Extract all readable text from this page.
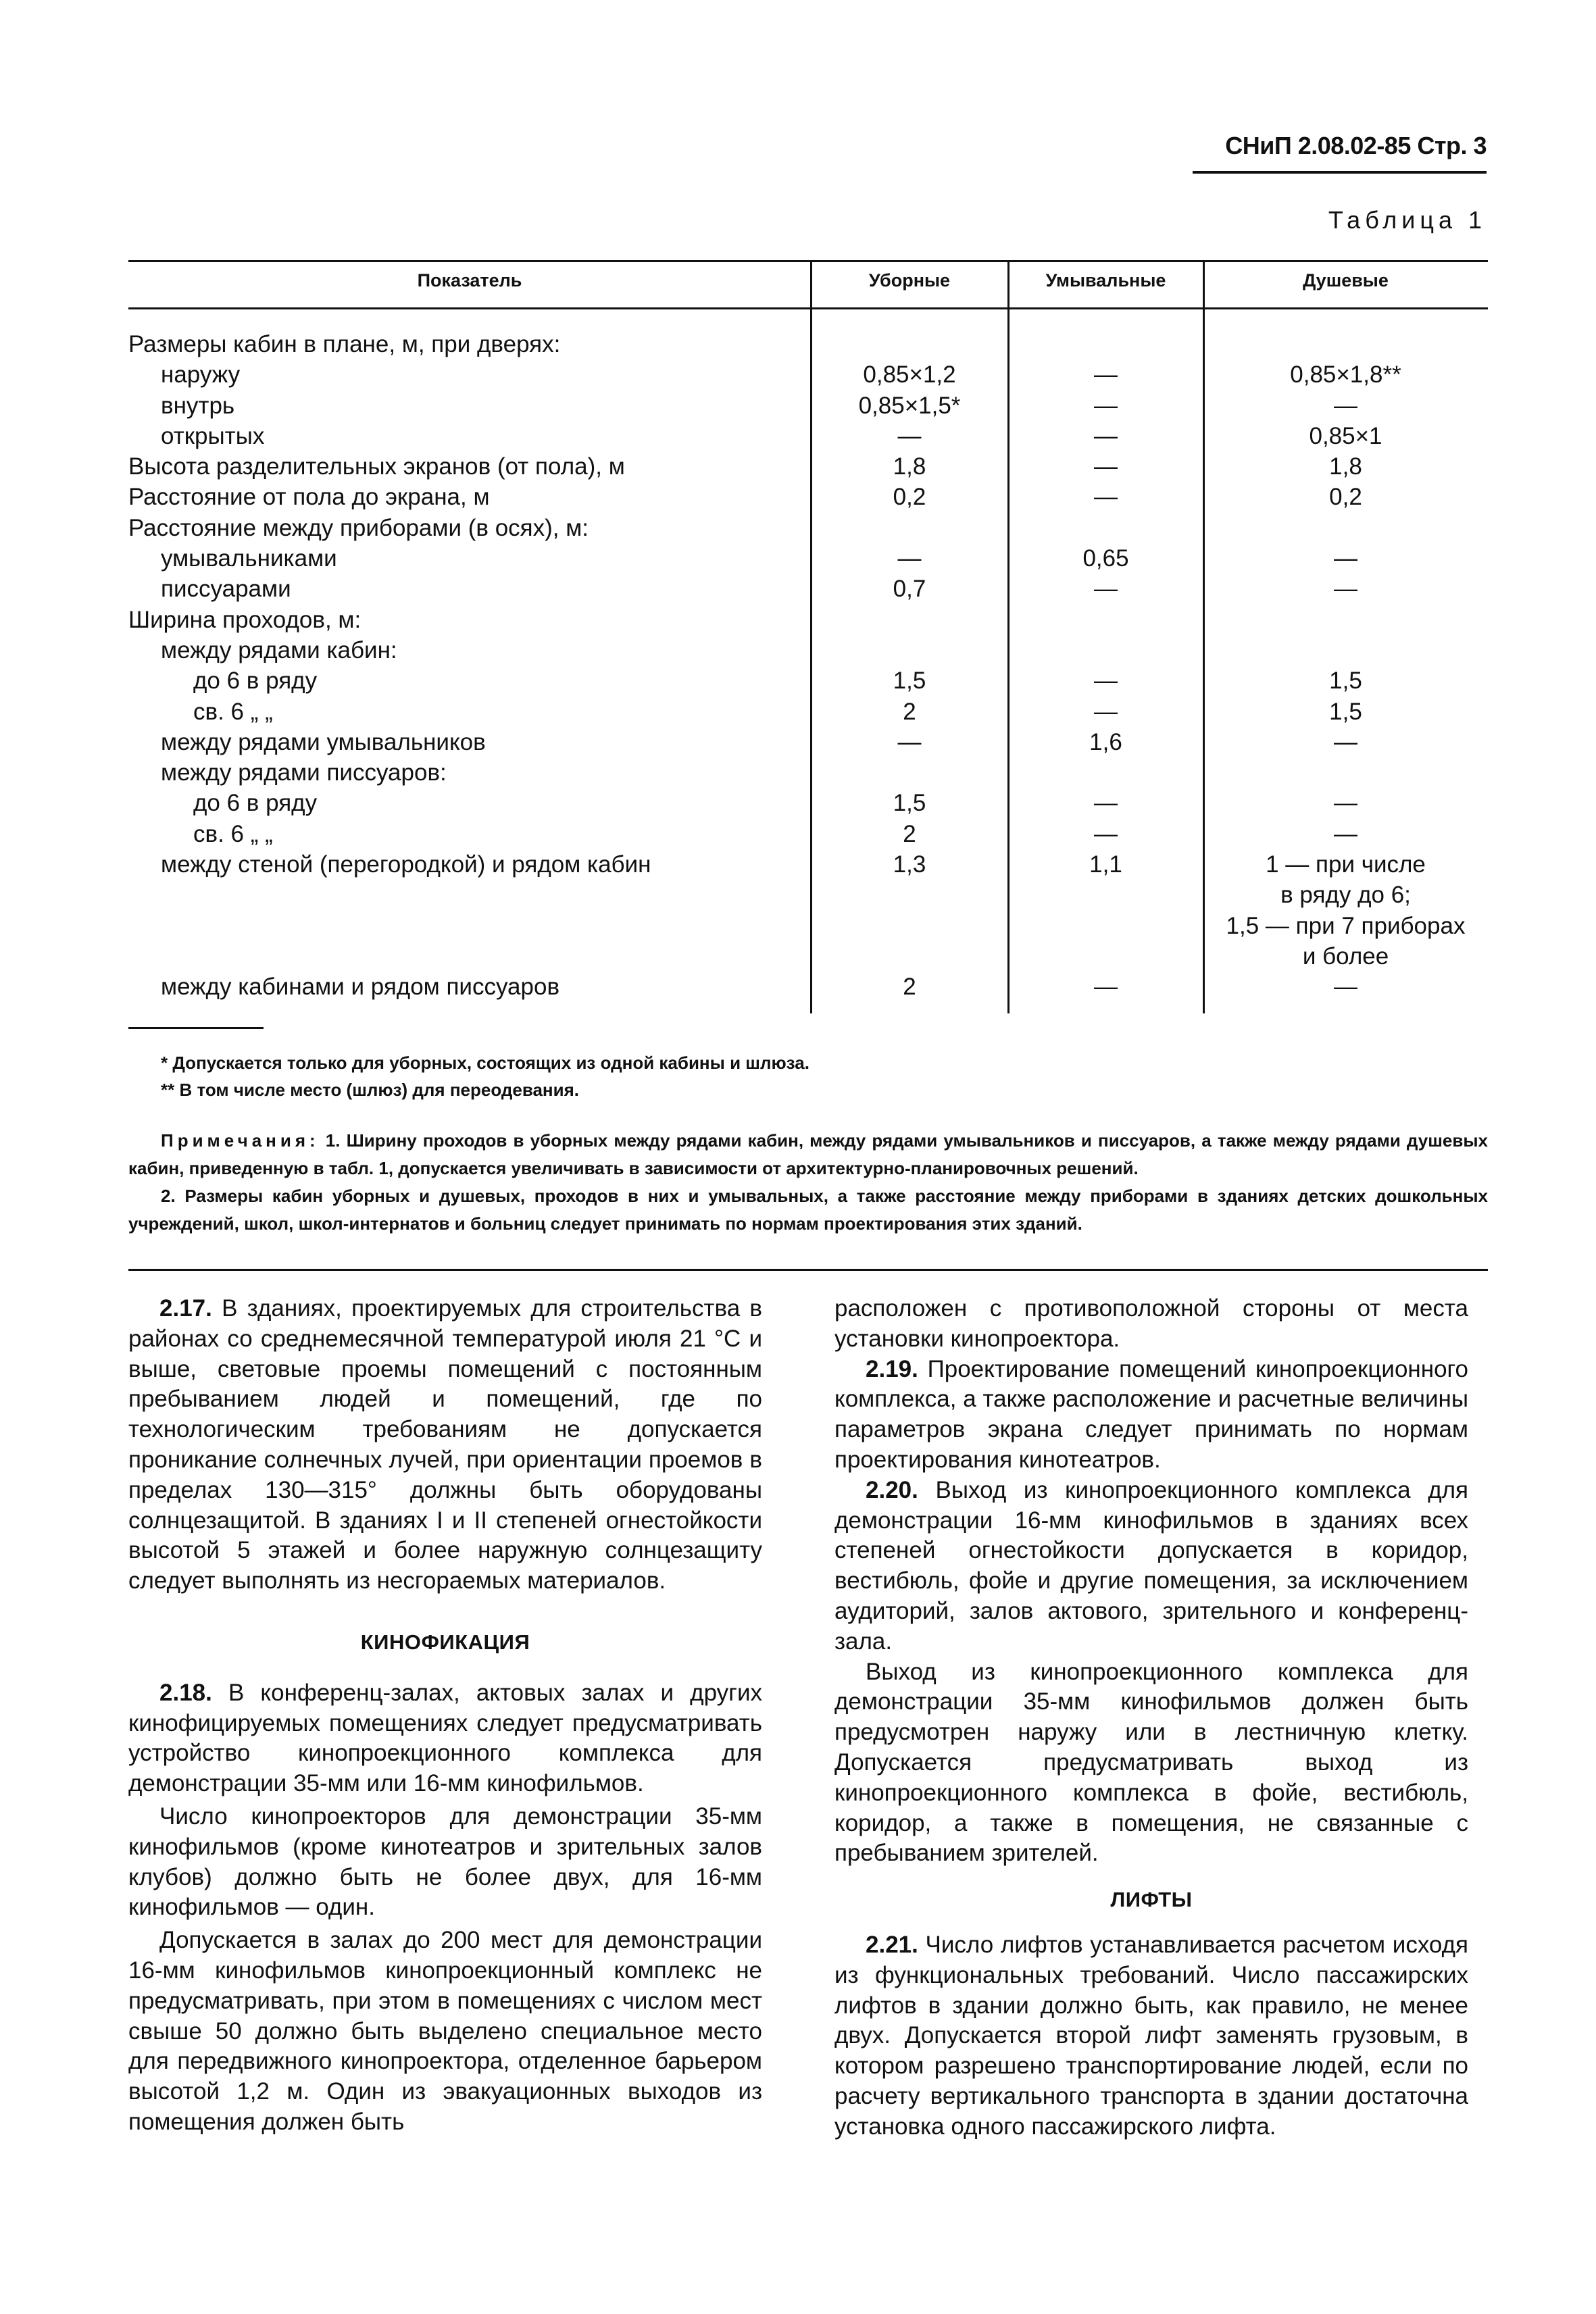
СНиП 2.08.02-85 Стр. 3
Таблица 1
Показатель	Уборные	Умывальные	Душевые
Размеры кабин в плане, м, при дверях:
наружу	0,85×1,2	—	0,85×1,8**
внутрь	0,85×1,5*	—	—
открытых	—	—	0,85×1
Высота разделительных экранов (от пола), м	1,8	—	1,8
Расстояние от пола до экрана, м	0,2	—	0,2
Расстояние между приборами (в осях), м:
умывальниками	—	0,65	—
писсуарами	0,7	—	—
Ширина проходов, м:
между рядами кабин:
до 6 в ряду	1,5	—	1,5
св. 6 „ „	2	—	1,5
между рядами умывальников	—	1,6	—
между рядами писсуаров:
до 6 в ряду	1,5	—	—
св. 6 „ „	2	—	—
между стеной (перегородкой) и рядом кабин	1,3	1,1	1 — при числе
в ряду до 6;
1,5 — при 7 приборах
и более
между кабинами и рядом писсуаров	2	—	—
* Допускается только для уборных, состоящих из одной кабины и шлюза.
** В том числе место (шлюз) для переодевания.

Примечания: 1. Ширину проходов в уборных между рядами кабин, между рядами умывальников и писсуаров, а также между рядами душевых кабин, приведенную в табл. 1, допускается увеличивать в зависимости от архитектурно-планировочных решений.

2. Размеры кабин уборных и душевых, проходов в них и умывальных, а также расстояние между приборами в зданиях детских дошкольных учреждений, школ, школ-интернатов и больниц следует принимать по нормам проектирования этих зданий.

2.17. В зданиях, проектируемых для строительства в районах со среднемесячной температурой июля 21 °С и выше, световые проемы помещений с постоянным пребыванием людей и помещений, где по технологическим требованиям не допускается проникание солнечных лучей, при ориентации проемов в пределах 130—315° должны быть оборудованы солнцезащитой. В зданиях I и II степеней огнестойкости высотой 5 этажей и более наружную солнцезащиту следует выполнять из несгораемых материалов.

КИНОФИКАЦИЯ

2.18. В конференц-залах, актовых залах и других кинофицируемых помещениях следует предусматривать устройство кинопроекционного комплекса для демонстрации 35-мм или 16-мм кинофильмов.

Число кинопроекторов для демонстрации 35-мм кинофильмов (кроме кинотеатров и зрительных залов клубов) должно быть не более двух, для 16-мм кинофильмов — один.

Допускается в залах до 200 мест для демонстрации 16-мм кинофильмов кинопроекционный комплекс не предусматривать, при этом в помещениях с числом мест свыше 50 должно быть выделено специальное место для передвижного кинопроектора, отделенное барьером высотой 1,2 м. Один из эвакуационных выходов из помещения должен быть

расположен с противоположной стороны от места установки кинопроектора.

2.19. Проектирование помещений кинопроекционного комплекса, а также расположение и расчетные величины параметров экрана следует принимать по нормам проектирования кинотеатров.

2.20. Выход из кинопроекционного комплекса для демонстрации 16-мм кинофильмов в зданиях всех степеней огнестойкости допускается в коридор, вестибюль, фойе и другие помещения, за исключением аудиторий, залов актового, зрительного и конференц-зала.

Выход из кинопроекционного комплекса для демонстрации 35-мм кинофильмов должен быть предусмотрен наружу или в лестничную клетку. Допускается предусматривать выход из кинопроекционного комплекса в фойе, вестибюль, коридор, а также в помещения, не связанные с пребыванием зрителей.

ЛИФТЫ

2.21. Число лифтов устанавливается расчетом исходя из функциональных требований. Число пассажирских лифтов в здании должно быть, как правило, не менее двух. Допускается второй лифт заменять грузовым, в котором разрешено транспортирование людей, если по расчету вертикального транспорта в здании достаточна установка одного пассажирского лифта.
